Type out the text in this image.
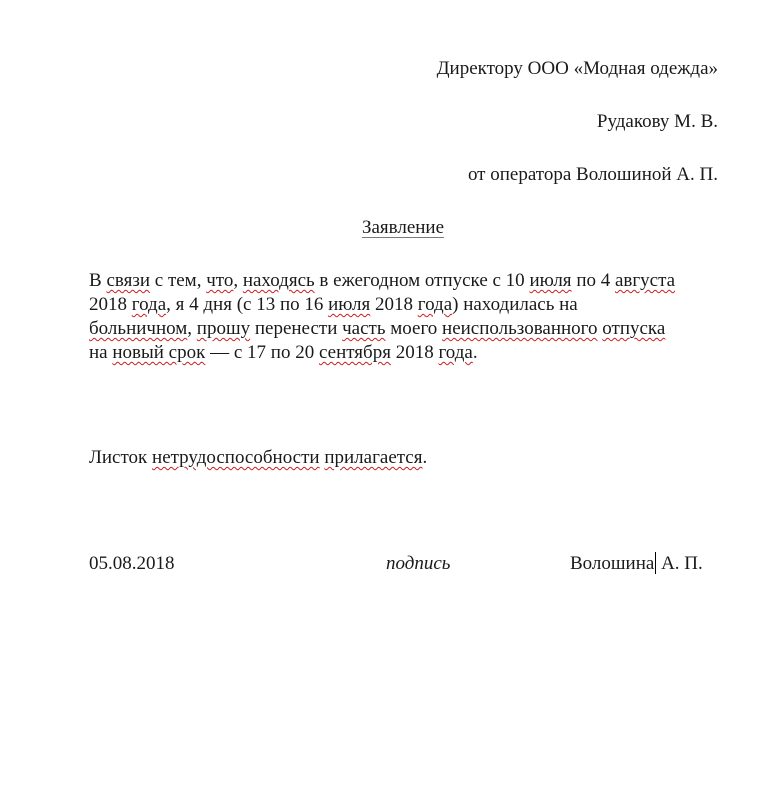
Директору ООО «Модная одежда»
Рудакову М. В.
от оператора Волошиной А. П.
Заявление
В связи с тем, что, находясь в ежегодном отпуске с 10 июля по 4 августа
2018 года, я 4 дня (с 13 по 16 июля 2018 года) находилась на
больничном, прошу перенести часть моего неиспользованного отпуска
на новый срок — с 17 по 20 сентября 2018 года.
Листок нетрудоспособности прилагается.
05.08.2018	подпись	Волошина А. П.
